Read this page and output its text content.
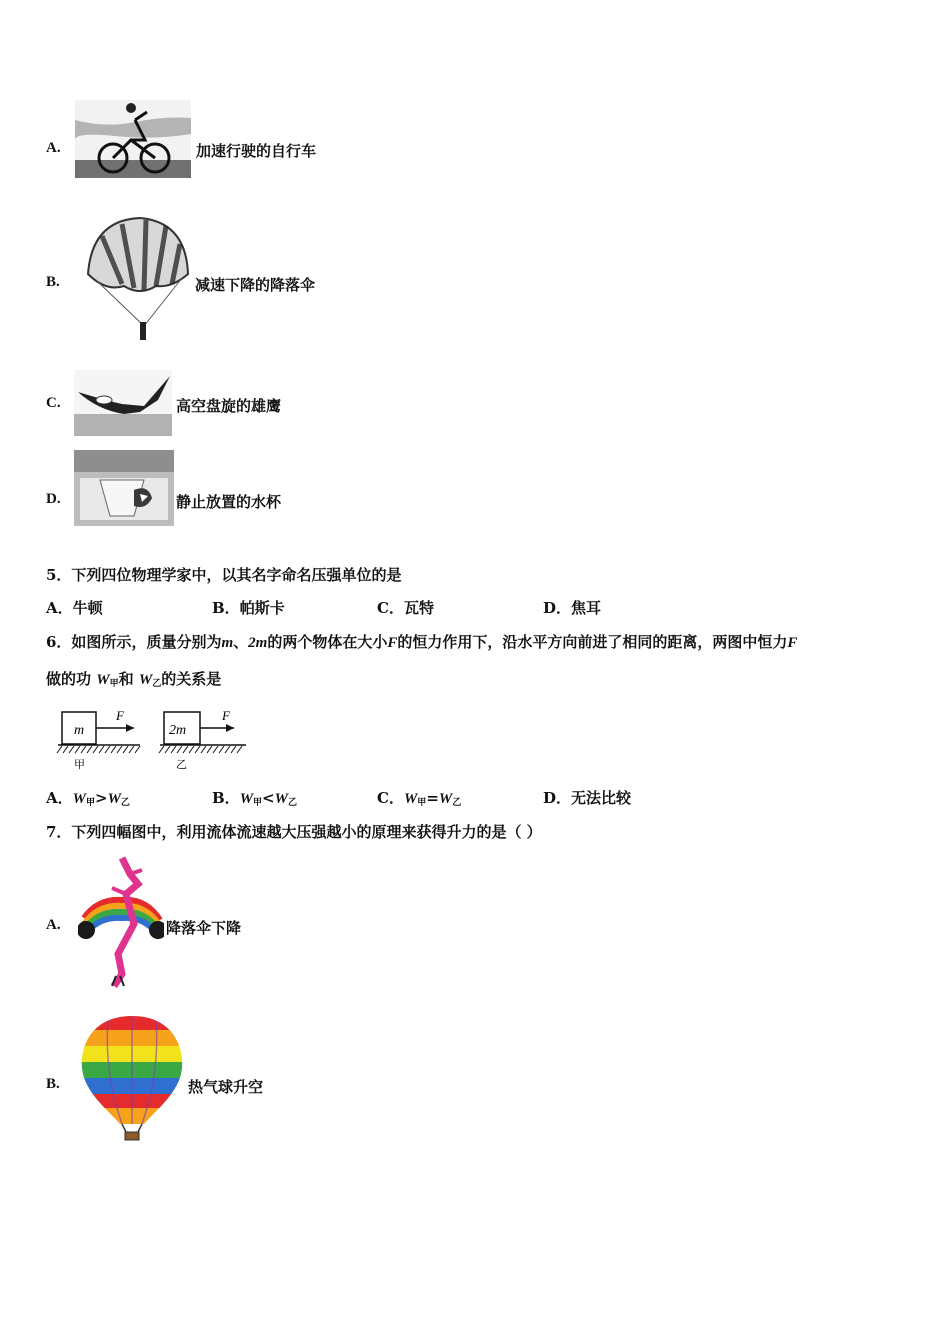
A.	加速行驶的自行车
B.	减速下降的降落伞
C.	高空盘旋的雄鹰
D.	静止放置的水杯
5．下列四位物理学家中，以其名字命名压强单位的是
A．牛顿	B．帕斯卡	C．瓦特	D．焦耳
6．如图所示，质量分别为m、2m的两个物体在大小F的恒力作用下，沿水平方向前进了相同的距离，两图中恒力F
做的功 $W_甲$和 $W_乙$的关系是
m
F
甲
2m
F
乙
A．$W_甲>W_乙$	B．$W_甲<W_乙$	C．$W_甲=W_乙$	D．无法比较
7．下列四幅图中，利用流体流速越大压强越小的原理来获得升力的是（ ）
A.	降落伞下降
B.	热气球升空
